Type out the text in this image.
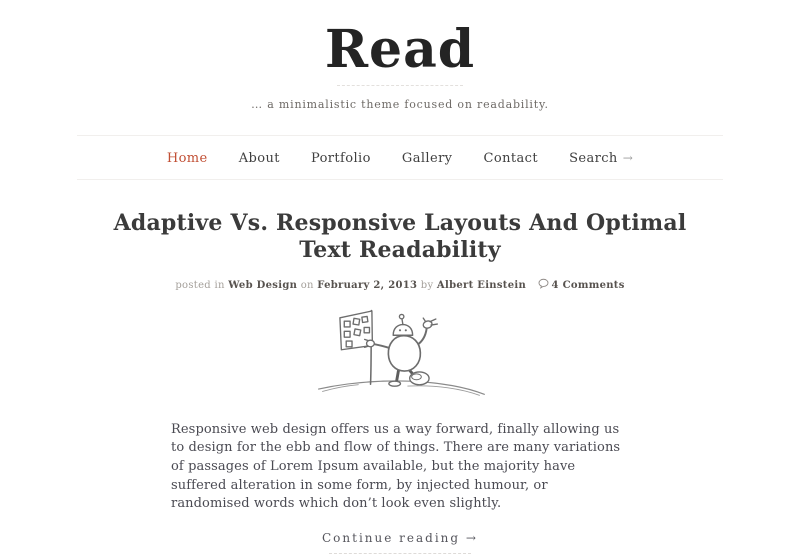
Read
… a minimalistic theme focused on readability.
Home About Portfolio Gallery Contact Search →
Adaptive Vs. Responsive Layouts And Optimal Text Readability
posted in Web Design on February 2, 2013 by Albert Einstein	4 Comments

Responsive web design offers us a way forward, finally allowing us to design for the ebb and flow of things. There are many variations of passages of Lorem Ipsum available, but the majority have suffered alteration in some form, by injected humour, or randomised words which don’t look even slightly.

Continue reading →
